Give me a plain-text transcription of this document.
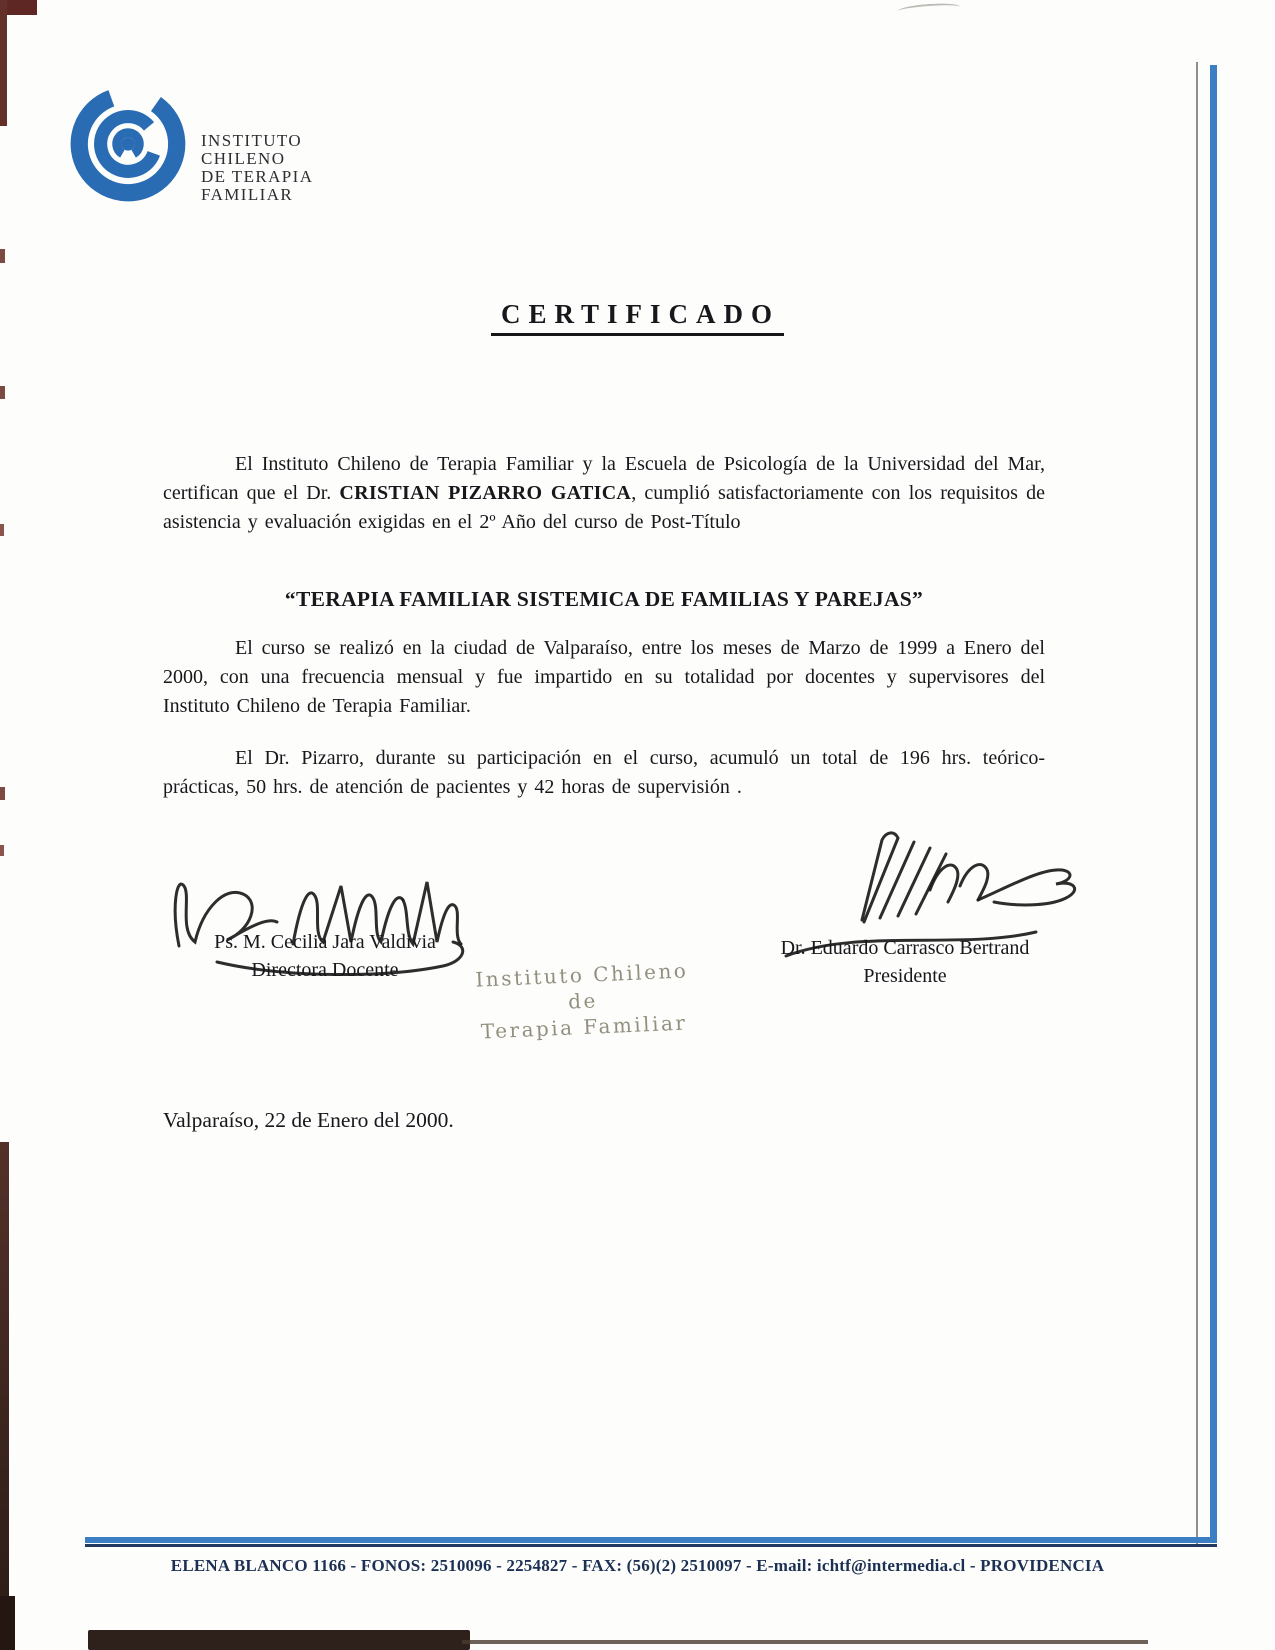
INSTITUTO
CHILENO
DE TERAPIA
FAMILIAR
CERTIFICADO

El Instituto Chileno de Terapia Familiar y la Escuela de Psicología de la Universidad del Mar, certifican que el Dr. CRISTIAN PIZARRO GATICA, cumplió satisfactoriamente con los requisitos de asistencia y evaluación exigidas en el 2º Año del curso de Post-Título

“TERAPIA FAMILIAR SISTEMICA DE FAMILIAS Y PAREJAS”

El curso se realizó en la ciudad de Valparaíso, entre los meses de Marzo de 1999 a Enero del 2000, con una frecuencia mensual y fue impartido en su totalidad por docentes y supervisores del Instituto Chileno de Terapia Familiar.

El Dr. Pizarro, durante su participación en el curso, acumuló un total de 196 hrs. teórico-prácticas, 50 hrs. de atención de pacientes y 42 horas de supervisión .

Ps. M. Cecilia Jara Valdivia
Directora Docente
Dr. Eduardo Carrasco Bertrand
Presidente
Instituto Chileno
de
Terapia Familiar
Valparaíso, 22 de Enero del 2000.
ELENA BLANCO 1166 - FONOS: 2510096 - 2254827 - FAX: (56)(2) 2510097 - E-mail: ichtf@intermedia.cl - PROVIDENCIA
